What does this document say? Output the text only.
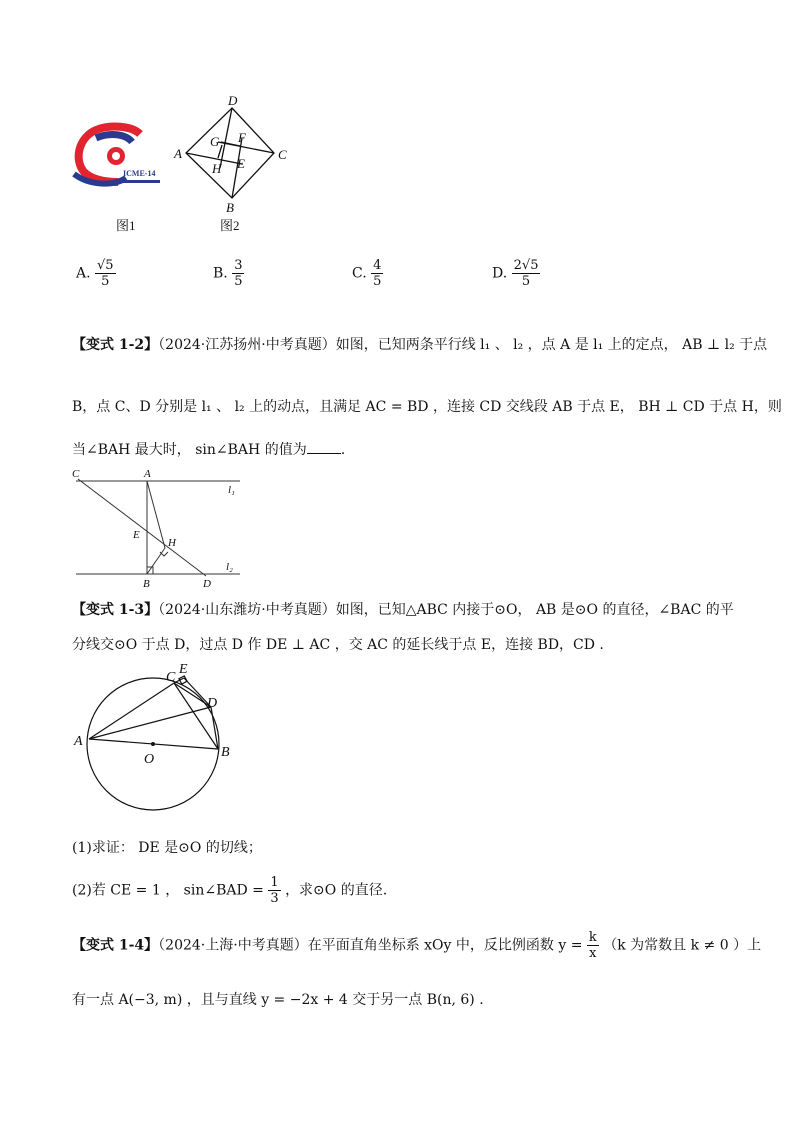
ICME-14
D
A	C
B
G F
H E
图1	图2
A. $\frac{√5}{5}$	B. $\frac{3}{5}$	C. $\frac{4}{5}$	D. $\frac{2√5}{5}$
【变式 1-2】（2024·江苏扬州·中考真题）如图，已知两条平行线 l₁ 、 l₂ ，点 A 是 l₁ 上的定点， AB ⊥ l₂ 于点
B，点 C、D 分别是 l₁ 、 l₂ 上的动点，且满足 AC = BD ，连接 CD 交线段 AB 于点 E， BH ⊥ CD 于点 H，则
当∠BAH 最大时， sin∠BAH 的值为 .
C	A
l₁
E
H
B	D
l₂
【变式 1-3】（2024·山东潍坊·中考真题）如图，已知△ABC 内接于⊙O， AB 是⊙O 的直径，∠BAC 的平
分线交⊙O 于点 D，过点 D 作 DE ⊥ AC ，交 AC 的延长线于点 E，连接 BD，CD .
A
B
C
D
E
O
(1)求证： DE 是⊙O 的切线；
(2)若 CE = 1 ， sin∠BAD = $\frac{1}{3}$ ，求⊙O 的直径.
【变式 1-4】（2024·上海·中考真题）在平面直角坐标系 xOy 中，反比例函数 $y = \frac{k}{x} (k$ 为常数且 k ≠ 0 ）上
有一点 A(−3, m) ，且与直线 y = −2x + 4 交于另一点 B(n, 6) .
